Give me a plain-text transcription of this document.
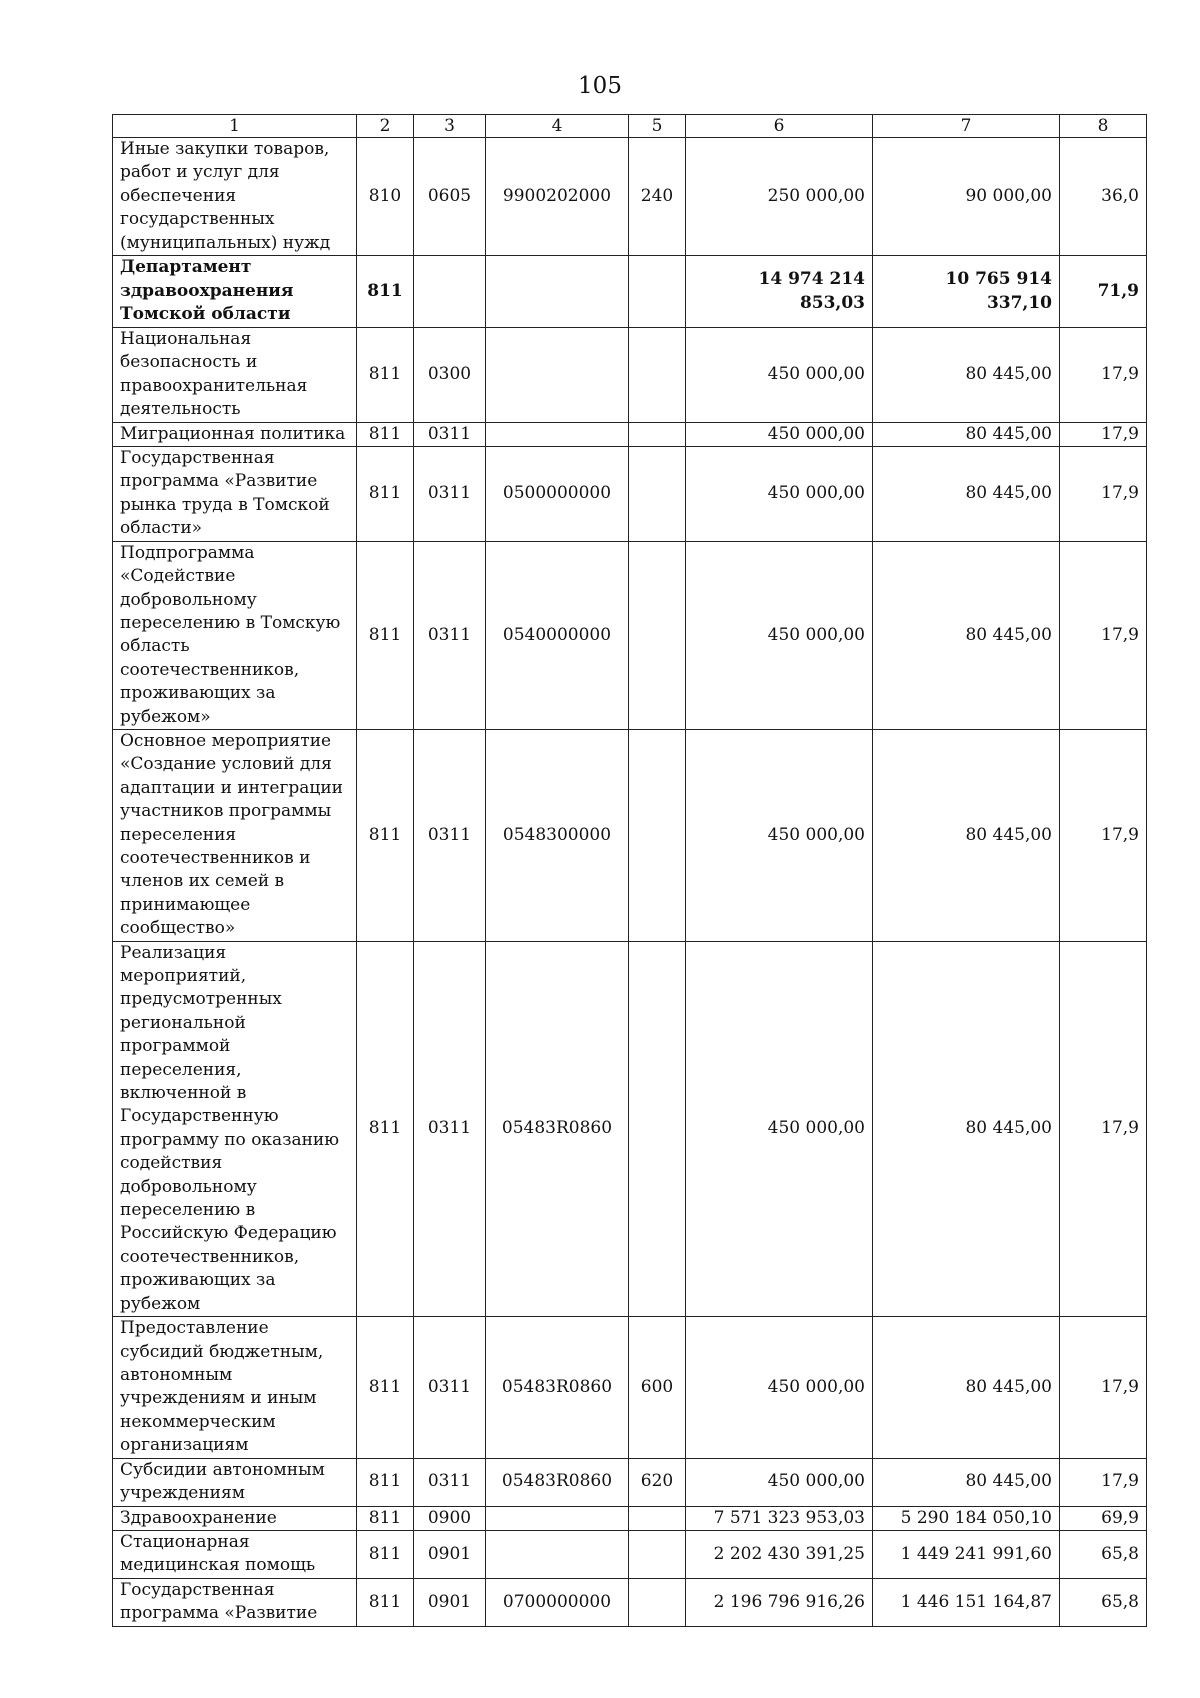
105
1	2	3	4	5	6	7	8
Иные закупки товаров, работ и услуг для обеспечения государственных (муниципальных) нужд	810	0605	9900202000	240	250 000,00	90 000,00	36,0
Департамент здравоохранения Томской области	811				14 974 214 853,03	10 765 914 337,10	71,9
Национальная безопасность и правоохранительная деятельность	811	0300			450 000,00	80 445,00	17,9
Миграционная политика	811	0311			450 000,00	80 445,00	17,9
Государственная программа «Развитие рынка труда в Томской области»	811	0311	0500000000		450 000,00	80 445,00	17,9
Подпрограмма «Содействие добровольному переселению в Томскую область соотечественников, проживающих за рубежом»	811	0311	0540000000		450 000,00	80 445,00	17,9
Основное мероприятие «Создание условий для адаптации и интеграции участников программы переселения соотечественников и членов их семей в принимающее сообщество»	811	0311	0548300000		450 000,00	80 445,00	17,9
Реализация мероприятий, предусмотренных региональной программой переселения, включенной в Государственную программу по оказанию содействия добровольному переселению в Российскую Федерацию соотечественников, проживающих за рубежом	811	0311	05483R0860		450 000,00	80 445,00	17,9
Предоставление субсидий бюджетным, автономным учреждениям и иным некоммерческим организациям	811	0311	05483R0860	600	450 000,00	80 445,00	17,9
Субсидии автономным учреждениям	811	0311	05483R0860	620	450 000,00	80 445,00	17,9
Здравоохранение	811	0900			7 571 323 953,03	5 290 184 050,10	69,9
Стационарная медицинская помощь	811	0901			2 202 430 391,25	1 449 241 991,60	65,8
Государственная программа «Развитие	811	0901	0700000000		2 196 796 916,26	1 446 151 164,87	65,8
